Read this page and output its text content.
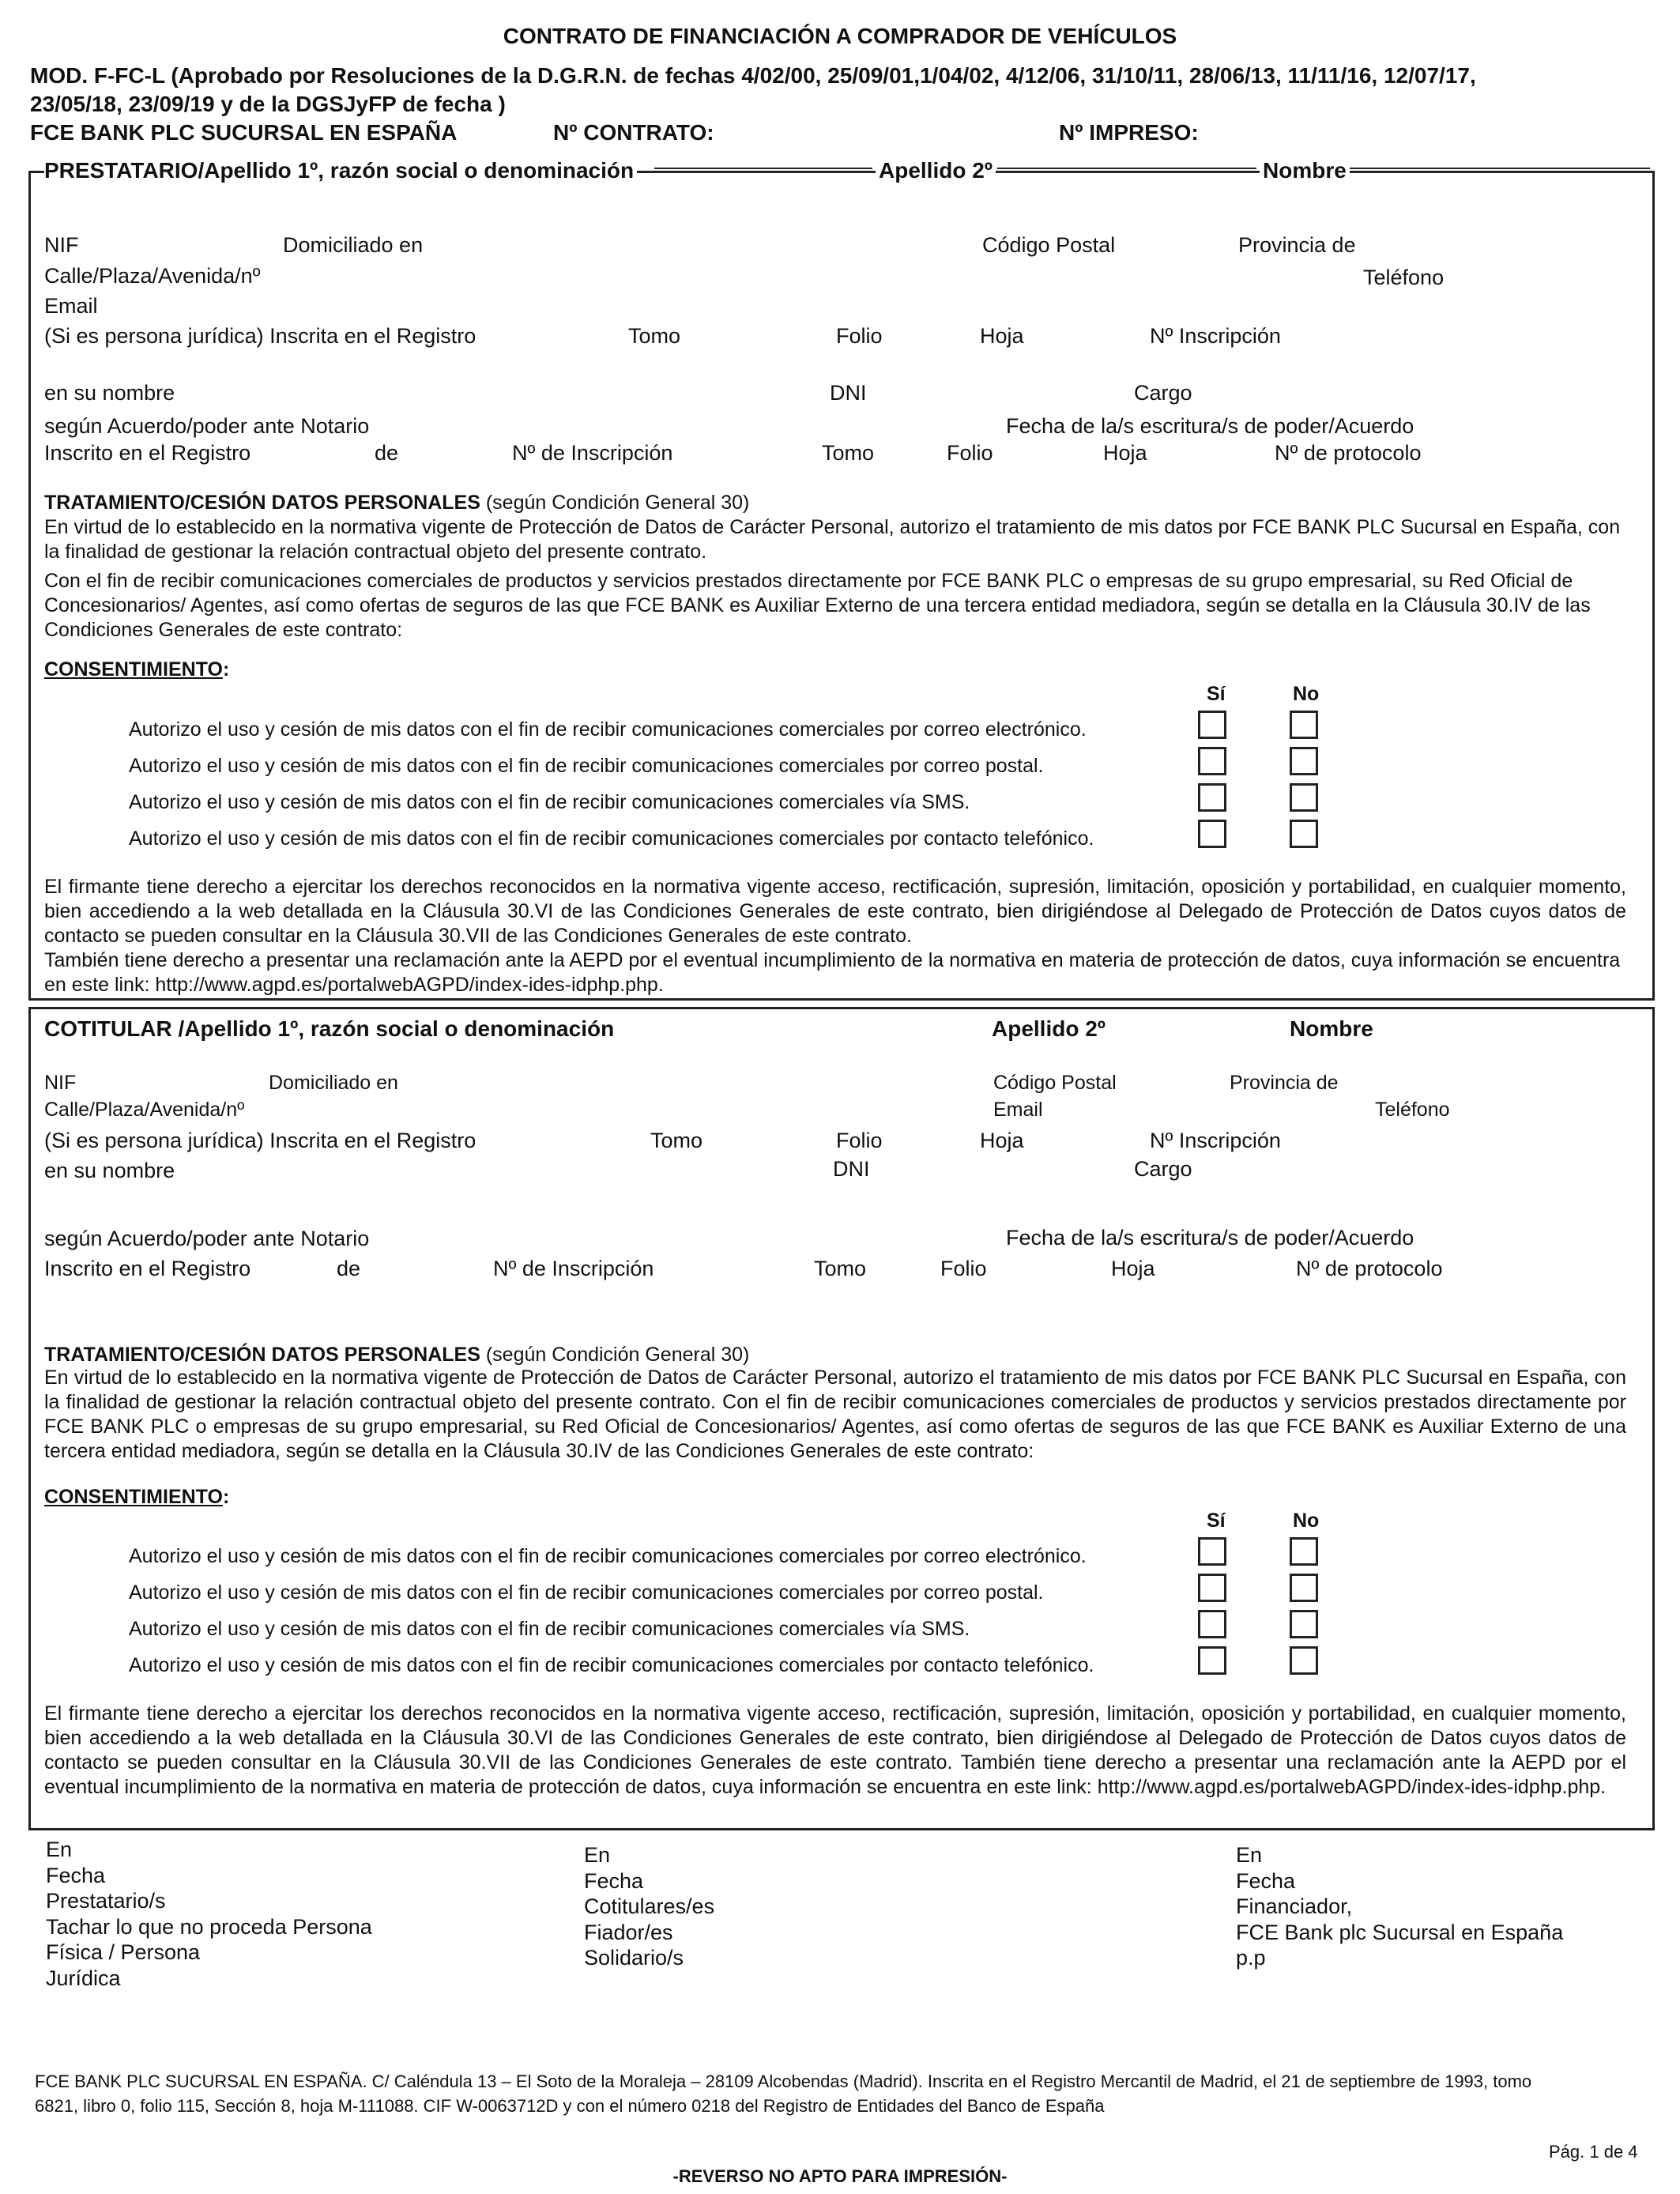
CONTRATO DE FINANCIACIÓN A COMPRADOR DE VEHÍCULOS
MOD. F-FC-L (Aprobado por Resoluciones de la D.G.R.N. de fechas 4/02/00, 25/09/01,1/04/02, 4/12/06, 31/10/11, 28/06/13, 11/11/16, 12/07/17,
23/05/18, 23/09/19 y de la DGSJyFP de fecha )
FCE BANK PLC SUCURSAL EN ESPAÑA	Nº CONTRATO:	Nº IMPRESO:
PRESTATARIO/Apellido 1º, razón social o denominación	Apellido 2º	Nombre
NIF	Domiciliado en	Código Postal	Provincia de
Calle/Plaza/Avenida/nº	Teléfono
Email
(Si es persona jurídica) Inscrita en el Registro	Tomo	Folio	Hoja	Nº Inscripción
en su nombre	DNI	Cargo
según Acuerdo/poder ante Notario	Fecha de la/s escritura/s de poder/Acuerdo
Inscrito en el Registro	de	Nº de Inscripción	Tomo	Folio	Hoja	Nº de protocolo
TRATAMIENTO/CESIÓN DATOS PERSONALES (según Condición General 30)
En virtud de lo establecido en la normativa vigente de Protección de Datos de Carácter Personal, autorizo el tratamiento de mis datos por FCE BANK PLC Sucursal en España, con la finalidad de gestionar la relación contractual objeto del presente contrato.
Con el fin de recibir comunicaciones comerciales de productos y servicios prestados directamente por FCE BANK PLC o empresas de su grupo empresarial, su Red Oficial de Concesionarios/ Agentes, así como ofertas de seguros de las que FCE BANK es Auxiliar Externo de una tercera entidad mediadora, según se detalla en la Cláusula 30.IV de las Condiciones Generales de este contrato:
CONSENTIMIENTO:
Sí	No
Autorizo el uso y cesión de mis datos con el fin de recibir comunicaciones comerciales por correo electrónico.
Autorizo el uso y cesión de mis datos con el fin de recibir comunicaciones comerciales por correo postal.
Autorizo el uso y cesión de mis datos con el fin de recibir comunicaciones comerciales vía SMS.
Autorizo el uso y cesión de mis datos con el fin de recibir comunicaciones comerciales por contacto telefónico.
El firmante tiene derecho a ejercitar los derechos reconocidos en la normativa vigente acceso, rectificación, supresión, limitación, oposición y portabilidad, en cualquier momento, bien accediendo a la web detallada en la Cláusula 30.VI de las Condiciones Generales de este contrato, bien dirigiéndose al Delegado de Protección de Datos cuyos datos de contacto se pueden consultar en la Cláusula 30.VII de las Condiciones Generales de este contrato.
También tiene derecho a presentar una reclamación ante la AEPD por el eventual incumplimiento de la normativa en materia de protección de datos, cuya información se encuentra en este link: http://www.agpd.es/portalwebAGPD/index-ides-idphp.php.
COTITULAR /Apellido 1º, razón social o denominación	Apellido 2º	Nombre
NIF	Domiciliado en	Código Postal	Provincia de
Calle/Plaza/Avenida/nº	Email	Teléfono
(Si es persona jurídica) Inscrita en el Registro	Tomo	Folio	Hoja	Nº Inscripción
en su nombre	DNI	Cargo
según Acuerdo/poder ante Notario	Fecha de la/s escritura/s de poder/Acuerdo
Inscrito en el Registro	de	Nº de Inscripción	Tomo	Folio	Hoja	Nº de protocolo
TRATAMIENTO/CESIÓN DATOS PERSONALES (según Condición General 30)
En virtud de lo establecido en la normativa vigente de Protección de Datos de Carácter Personal, autorizo el tratamiento de mis datos por FCE BANK PLC Sucursal en España, con la finalidad de gestionar la relación contractual objeto del presente contrato. Con el fin de recibir comunicaciones comerciales de productos y servicios prestados directamente por FCE BANK PLC o empresas de su grupo empresarial, su Red Oficial de Concesionarios/ Agentes, así como ofertas de seguros de las que FCE BANK es Auxiliar Externo de una tercera entidad mediadora, según se detalla en la Cláusula 30.IV de las Condiciones Generales de este contrato:
CONSENTIMIENTO:
Sí	No
Autorizo el uso y cesión de mis datos con el fin de recibir comunicaciones comerciales por correo electrónico.
Autorizo el uso y cesión de mis datos con el fin de recibir comunicaciones comerciales por correo postal.
Autorizo el uso y cesión de mis datos con el fin de recibir comunicaciones comerciales vía SMS.
Autorizo el uso y cesión de mis datos con el fin de recibir comunicaciones comerciales por contacto telefónico.
El firmante tiene derecho a ejercitar los derechos reconocidos en la normativa vigente acceso, rectificación, supresión, limitación, oposición y portabilidad, en cualquier momento, bien accediendo a la web detallada en la Cláusula 30.VI de las Condiciones Generales de este contrato, bien dirigiéndose al Delegado de Protección de Datos cuyos datos de contacto se pueden consultar en la Cláusula 30.VII de las Condiciones Generales de este contrato. También tiene derecho a presentar una reclamación ante la AEPD por el eventual incumplimiento de la normativa en materia de protección de datos, cuya información se encuentra en este link: http://www.agpd.es/portalwebAGPD/index-ides-idphp.php.
En
Fecha
Prestatario/s
Tachar lo que no proceda Persona
Física / Persona
Jurídica
En
Fecha
Cotitulares/es
Fiador/es
Solidario/s
En
Fecha
Financiador,
FCE Bank plc Sucursal en España
p.p
FCE BANK PLC SUCURSAL EN ESPAÑA. C/ Caléndula 13 – El Soto de la Moraleja – 28109 Alcobendas (Madrid). Inscrita en el Registro Mercantil de Madrid, el 21 de septiembre de 1993, tomo
6821, libro 0, folio 115, Sección 8, hoja M-111088. CIF W-0063712D y con el número 0218 del Registro de Entidades del Banco de España
Pág. 1 de 4
-REVERSO NO APTO PARA IMPRESIÓN-
